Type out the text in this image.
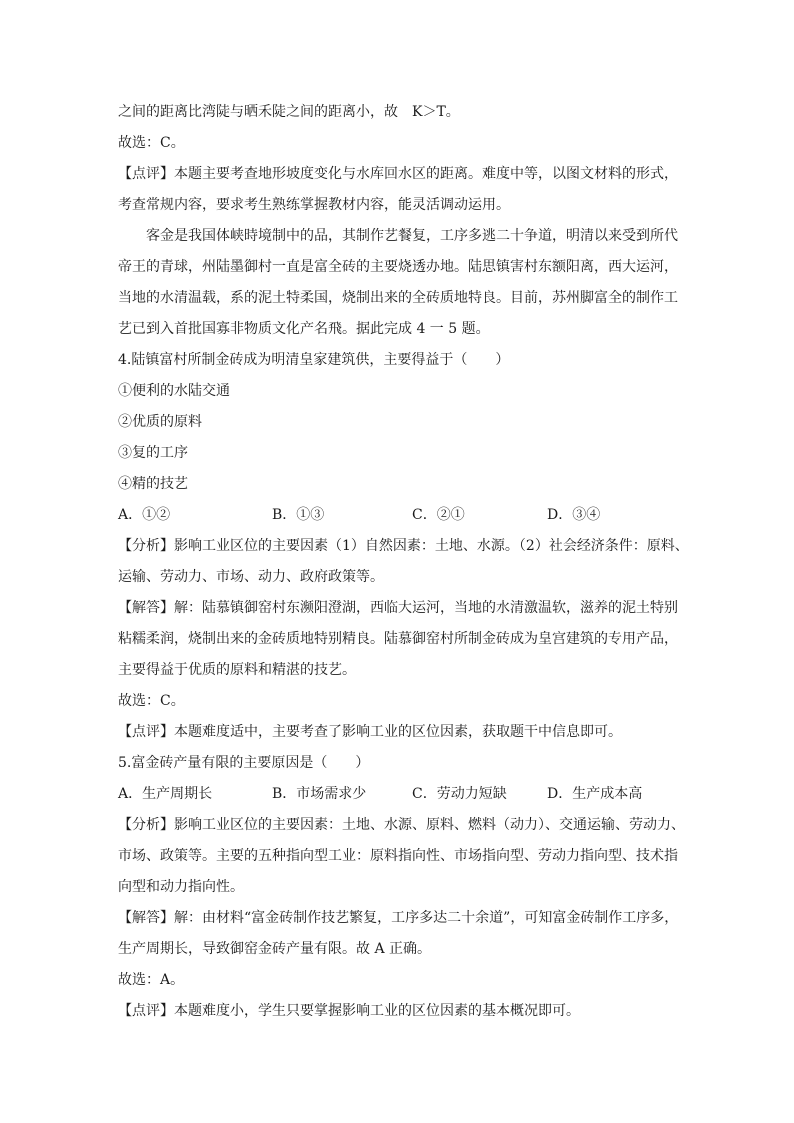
之间的距离比湾陡与晒禾陡之间的距离小，故　K＞T。
故选：C。
【点评】本题主要考查地形坡度变化与水库回水区的距离。难度中等，以图文材料的形式，
考查常规内容，要求考生熟练掌握教材内容，能灵活调动运用。
客金是我国体峡時境制中的品，其制作艺餐复，工序多逃二十争道，明清以来受到所代
帝王的青球，州陆墨御村一直是富全砖的主要烧透办地。陆思镇害村东额阳离，西大运河，
当地的水清温载，系的泥土特柔国，烧制出来的全砖质地特良。目前，苏州脚富全的制作工
艺已到入首批国寡非物质文化产名飛。据此完成 4 一 5 题。
4.陆镇富村所制金砖成为明清皇家建筑供，主要得益于（　　）
①便利的水陆交通
②优质的原料
③复的工序
④精的技艺
A．①②	B．①③	C．②①	D．③④
【分析】影响工业区位的主要因素（1）自然因素：土地、水源。（2）社会经济条件：原料、
运输、劳动力、市场、动力、政府政策等。
【解答】解：陆慕镇御窑村东濒阳澄湖，西临大运河，当地的水清激温软，滋养的泥土特别
粘糯柔润，烧制出来的金砖质地特别精良。陆慕御窑村所制金砖成为皇宫建筑的专用产品，
主要得益于优质的原料和精湛的技艺。
故选：C。
【点评】本题难度适中，主要考查了影响工业的区位因素，获取题干中信息即可。
5.富金砖产量有限的主要原因是（　　）
A．生产周期长	B．市场需求少	C．劳动力短缺	D．生产成本高
【分析】影响工业区位的主要因素：土地、水源、原料、燃料（动力）、交通运输、劳动力、
市场、政策等。主要的五种指向型工业：原料指向性、市场指向型、劳动力指向型、技术指
向型和动力指向性。
【解答】解：由材料“富金砖制作技艺繁复，工序多达二十余道”，可知富金砖制作工序多，
生产周期长，导致御窑金砖产量有限。故 A 正确。
故选：A。
【点评】本题难度小，学生只要掌握影响工业的区位因素的基本概况即可。
